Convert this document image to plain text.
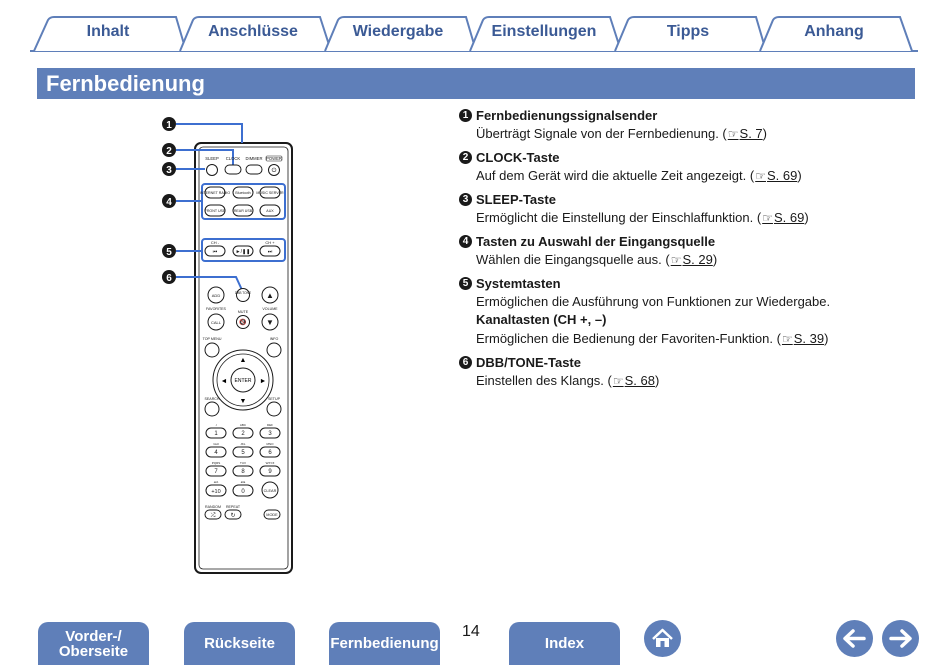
Inhalt	Anschlüsse	Wiedergabe	Einstellungen	Tipps	Anhang
Fernbedienung
1
2
3
4
5
6
SLEEP CLOCK DIMMER POWER
⏻
INTERNET RADIO Bluetooth MUSIC SERVER
FRONT USB REAR USB	AUX
CH -	CH +
⏮	►/❚❚	⏭
ADD	DBB TONE ▲
FAVORITES
MUTE
VOLUME
CALL	🔇 ▼
TOP MENU	INFO
ENTER
▲
▼
◄	►
SEARCH	SETUP
./	ABC	DEF
1	2	3
GHI	JKL	MNO
4	5	6
PQRS	TUV	WXYZ
7	8	9
a/A	◄►
+10	0	CLEAR
RANDOM REPEAT
⤮	↻	MODE
1 Fernbedienungssignalsender
Überträgt Signale von der Fernbedienung. (☞S. 7)
2 CLOCK-Taste
Auf dem Gerät wird die aktuelle Zeit angezeigt. (☞S. 69)
3 SLEEP-Taste
Ermöglicht die Einstellung der Einschlaffunktion. (☞S. 69)
4 Tasten zu Auswahl der Eingangsquelle
Wählen die Eingangsquelle aus. (☞S. 29)
5 Systemtasten
Ermöglichen die Ausführung von Funktionen zur Wiedergabe.
Kanaltasten (CH +, –)
Ermöglichen die Bedienung der Favoriten-Funktion. (☞S. 39)
6 DBB/TONE-Taste
Einstellen des Klangs. (☞S. 68)
Vorder-/
Oberseite	Rückseite	Fernbedienung
14
Index
